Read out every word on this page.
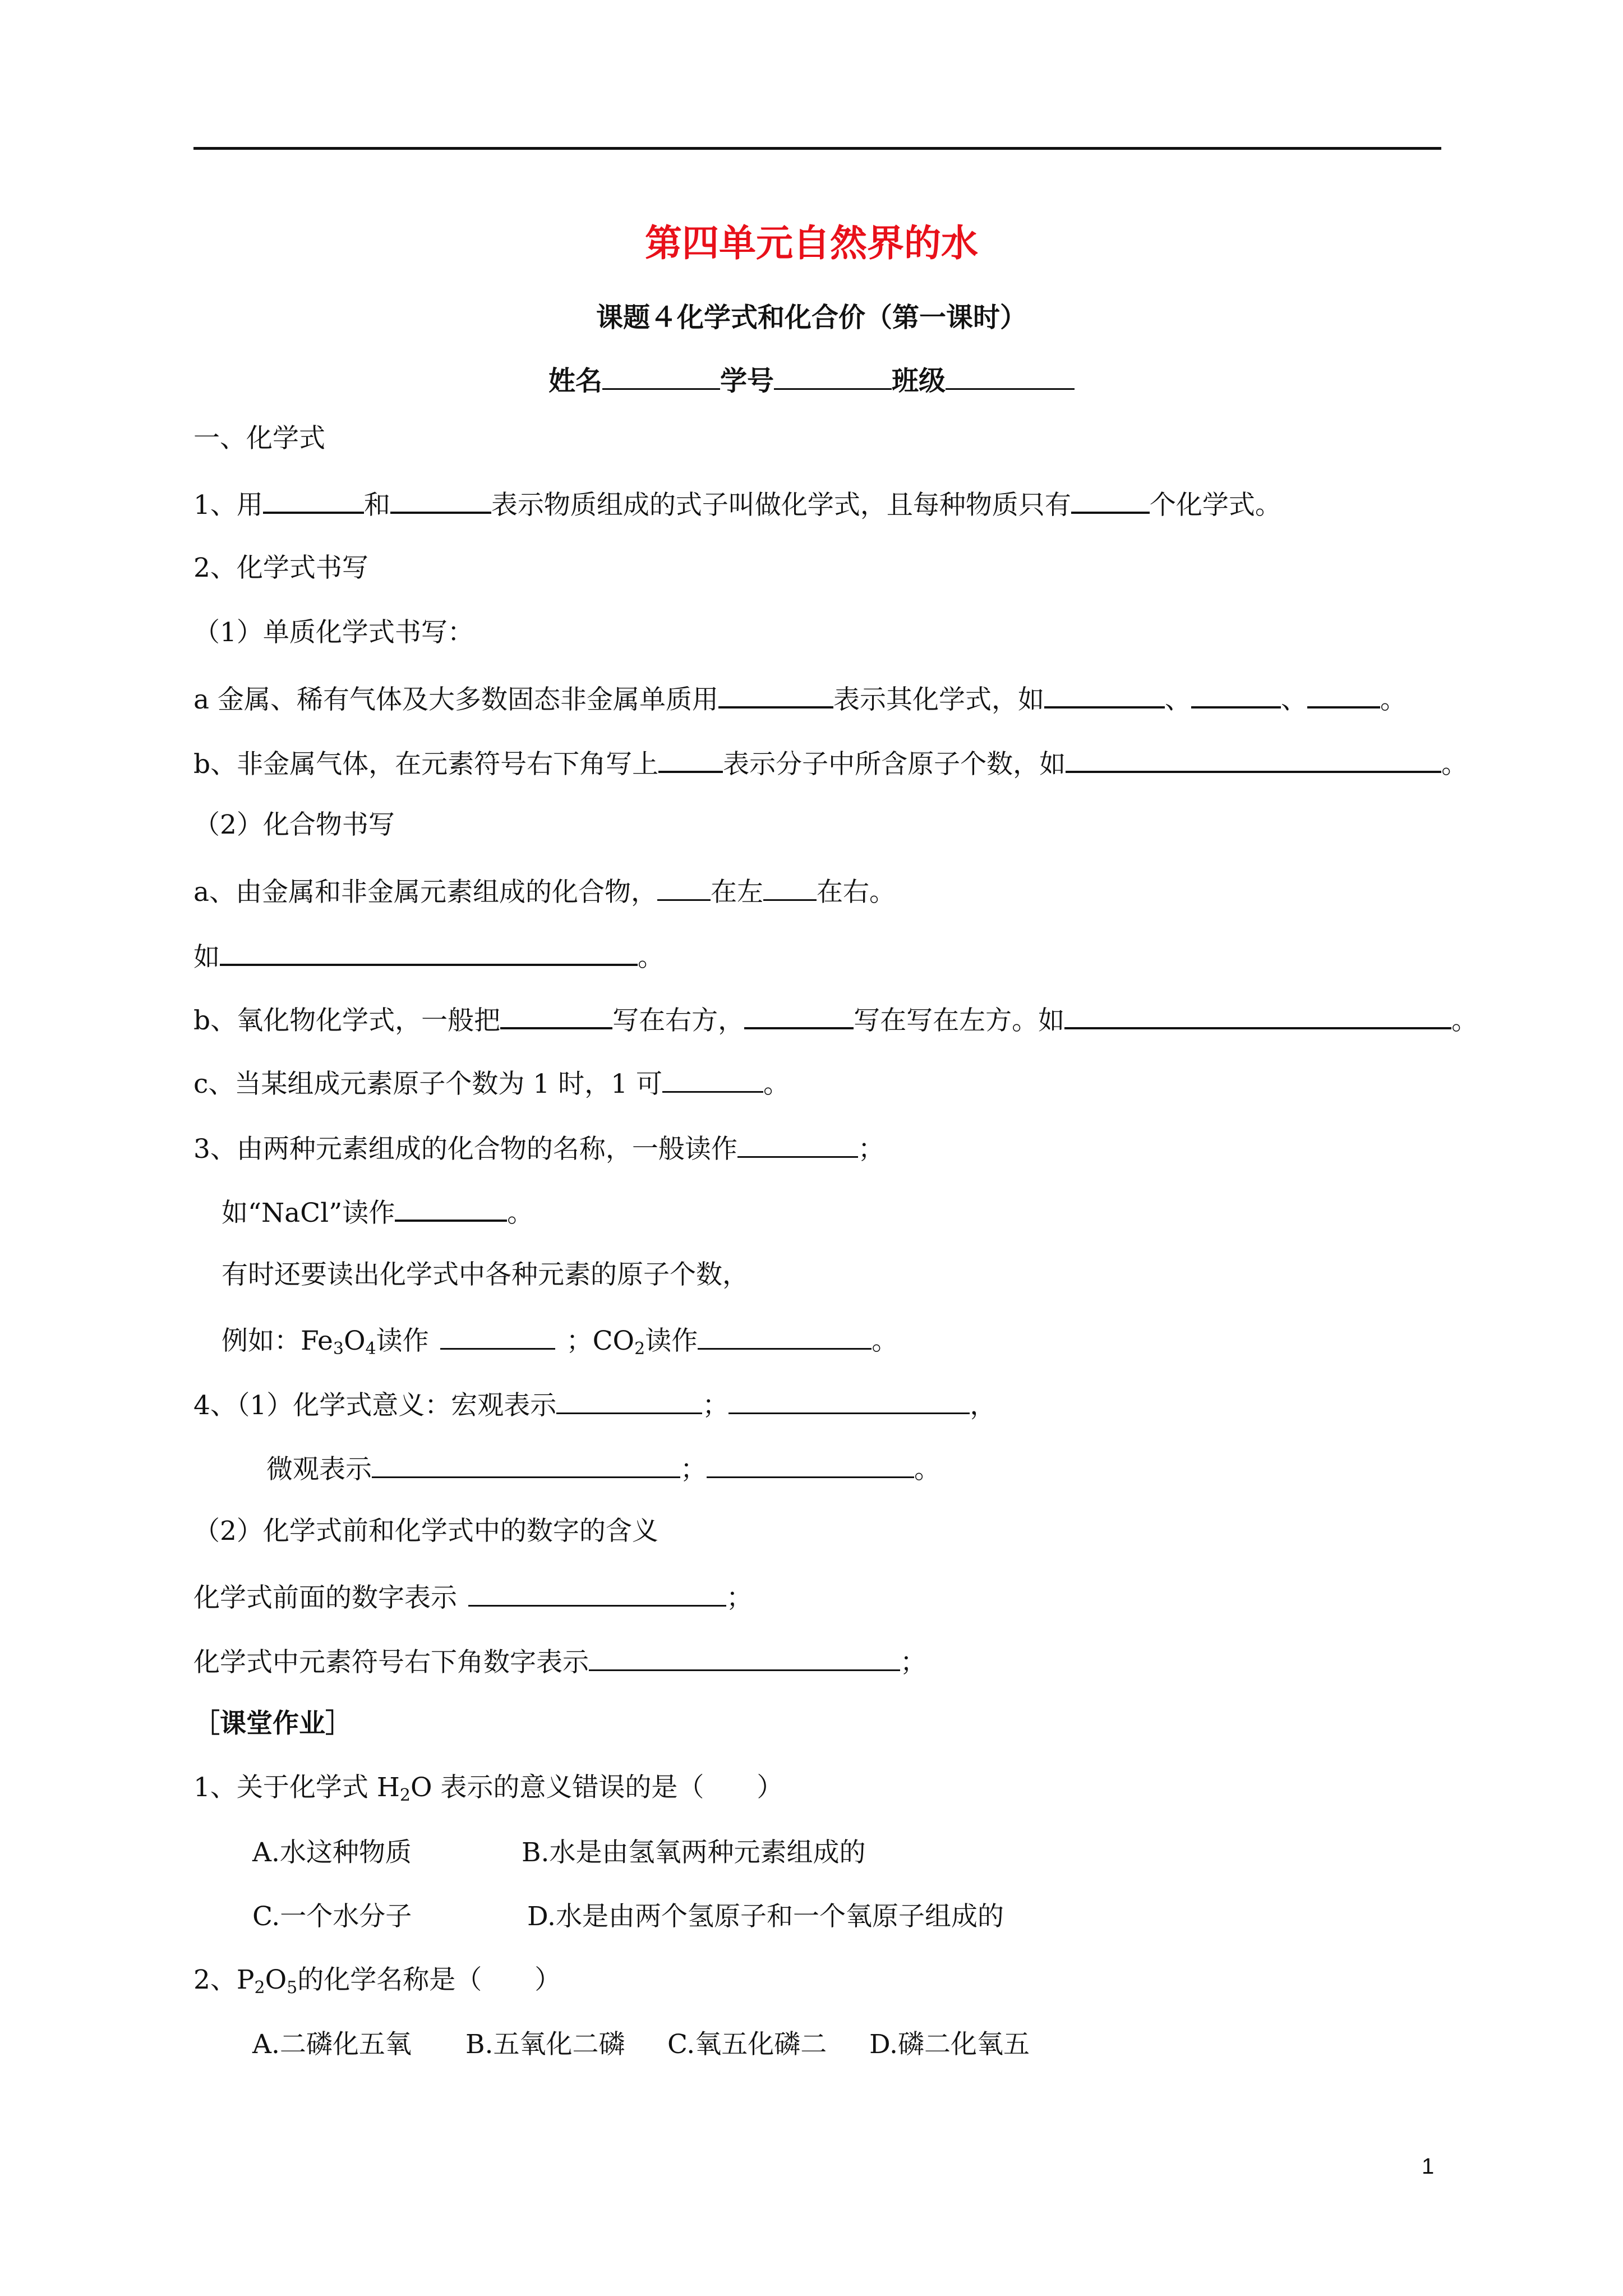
第四单元自然界的水
课题４化学式和化合价（第一课时）
姓名	学号	班级
一、化学式
1、用	和	表示物质组成的式子叫做化学式，且每种物质只有	个化学式。
2、化学式书写
（1）单质化学式书写：
a 金属、稀有气体及大多数固态非金属单质用	表示其化学式，如	、	、	。
b、非金属气体，在元素符号右下角写上 表示分子中所含原子个数，如	。
（2）化合物书写
a、由金属和非金属元素组成的化合物， 在左 在右。
如	。
b、氧化物化学式，一般把	写在右方，	写在写在左方。如	。
c、当某组成元素原子个数为 1 时，1 可	。
3、由两种元素组成的化合物的名称，一般读作	；
如“NaCl”读作	。
有时还要读出化学式中各种元素的原子个数，
例如：$Fe_3O_4$读作	；$CO_2$读作	。
4、（1）化学式意义：宏观表示	；	，
微观表示	；	。
（2）化学式前和化学式中的数字的含义
化学式前面的数字表示	；
化学式中元素符号右下角数字表示	；
［课堂作业］
1、关于化学式 $H_2O$ 表示的意义错误的是（　　）
A.水这种物质	B.水是由氢氧两种元素组成的
C.一个水分子	D.水是由两个氢原子和一个氧原子组成的
2、$P_2O_5$的化学名称是（　　）
A.二磷化五氧 B.五氧化二磷 C.氧五化磷二 D.磷二化氧五
1
